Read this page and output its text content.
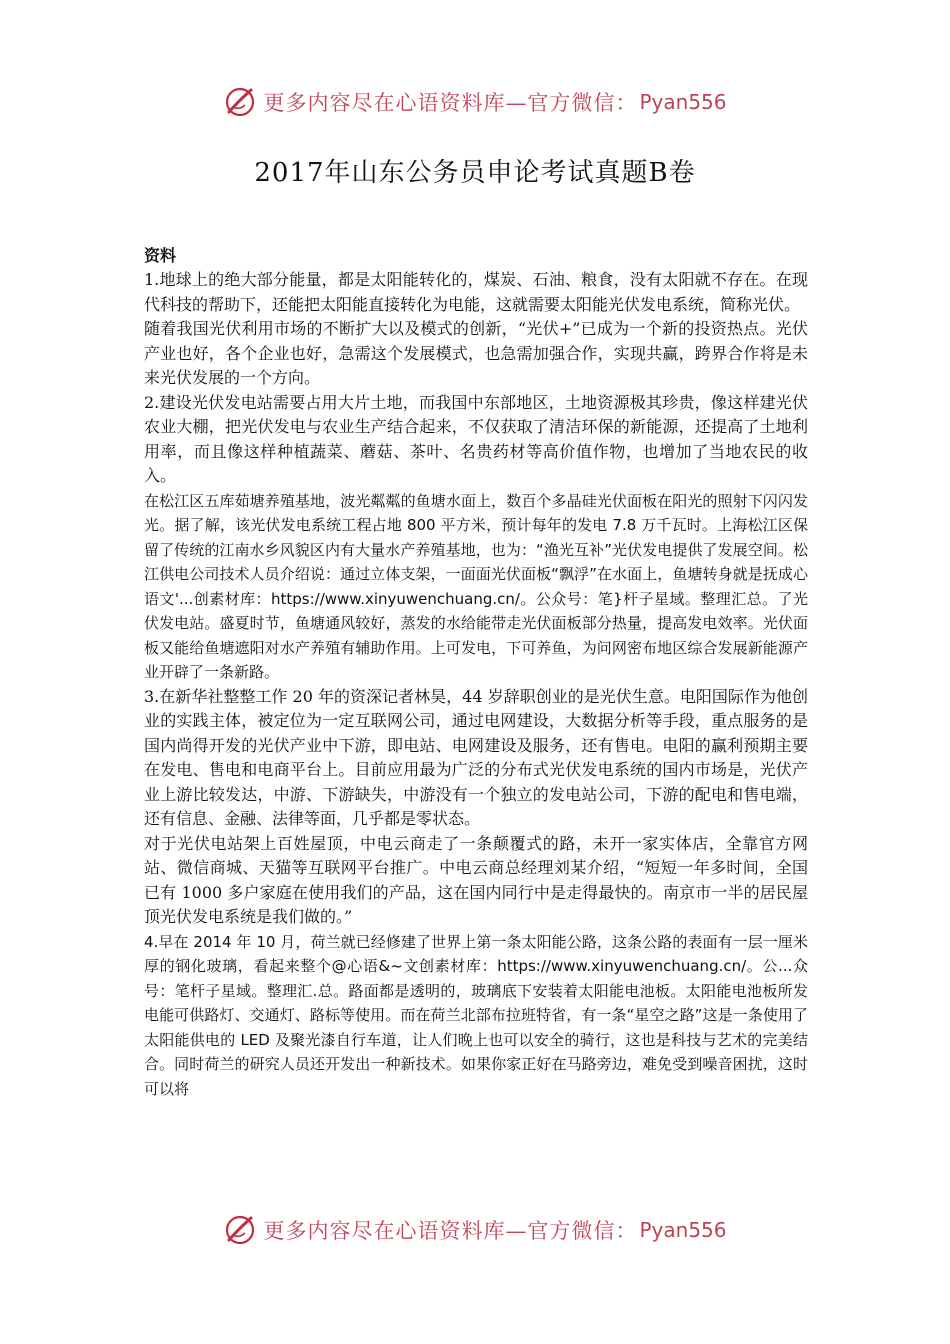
更多内容尽在心语资料库—官方微信： Pyan556
2017年山东公务员申论考试真题B卷

资料

1.地球上的绝大部分能量，都是太阳能转化的，煤炭、石油、粮食，没有太阳就不存在。在现代科技的帮助下，还能把太阳能直接转化为电能，这就需要太阳能光伏发电系统，简称光伏。

随着我国光伏利用市场的不断扩大以及模式的创新，“光伏+”已成为一个新的投资热点。光伏产业也好，各个企业也好，急需这个发展模式，也急需加强合作，实现共赢，跨界合作将是未来光伏发展的一个方向。

2.建设光伏发电站需要占用大片土地，而我国中东部地区，土地资源极其珍贵，像这样建光伏农业大棚，把光伏发电与农业生产结合起来，不仅获取了清洁环保的新能源，还提高了土地利用率，而且像这样种植蔬菜、蘑菇、茶叶、名贵药材等高价值作物，也增加了当地农民的收入。

在松江区五库茹塘养殖基地，波光粼粼的鱼塘水面上，数百个多晶硅光伏面板在阳光的照射下闪闪发光。据了解，该光伏发电系统工程占地 800 平方米，预计每年的发电 7.8 万千瓦时。上海松江区保留了传统的江南水乡风貌区内有大量水产养殖基地，也为：“渔光互补”光伏发电提供了发展空间。松江供电公司技术人员介绍说：通过立体支架，一面面光伏面板“飘浮”在水面上，鱼塘转身就是抚成心语文'...创素材库：https://www.xinyuwenchuang.cn/。公众号：笔}杆子星域。整理汇总。了光伏发电站。盛夏时节，鱼塘通风较好，蒸发的水给能带走光伏面板部分热量，提高发电效率。光伏面板又能给鱼塘遮阳对水产养殖有辅助作用。上可发电，下可养鱼，为问网密布地区综合发展新能源产业开辟了一条新路。

3.在新华社整整工作 20 年的资深记者林昊，44 岁辞职创业的是光伏生意。电阳国际作为他创业的实践主体，被定位为一定互联网公司，通过电网建设，大数据分析等手段，重点服务的是国内尚得开发的光伏产业中下游，即电站、电网建设及服务，还有售电。电阳的赢利预期主要在发电、售电和电商平台上。目前应用最为广泛的分布式光伏发电系统的国内市场是，光伏产业上游比较发达，中游、下游缺失，中游没有一个独立的发电站公司，下游的配电和售电端，还有信息、金融、法律等面，几乎都是零状态。

对于光伏电站架上百姓屋顶，中电云商走了一条颠覆式的路，未开一家实体店，全靠官方网站、微信商城、天猫等互联网平台推广。中电云商总经理刘某介绍，“短短一年多时间，全国已有 1000 多户家庭在使用我们的产品，这在国内同行中是走得最快的。南京市一半的居民屋顶光伏发电系统是我们做的。”

4.早在 2014 年 10 月，荷兰就已经修建了世界上第一条太阳能公路，这条公路的表面有一层一厘米厚的钢化玻璃，看起来整个@心语&~文创素材库：https://www.xinyuwenchuang.cn/。公...众号：笔杆子星域。整理汇.总。路面都是透明的，玻璃底下安装着太阳能电池板。太阳能电池板所发电能可供路灯、交通灯、路标等使用。而在荷兰北部布拉班特省，有一条“星空之路”这是一条使用了太阳能供电的 LED 及聚光漆自行车道，让人们晚上也可以安全的骑行，这也是科技与艺术的完美结合。同时荷兰的研究人员还开发出一种新技术。如果你家正好在马路旁边，难免受到噪音困扰，这时可以将

更多内容尽在心语资料库—官方微信： Pyan556
